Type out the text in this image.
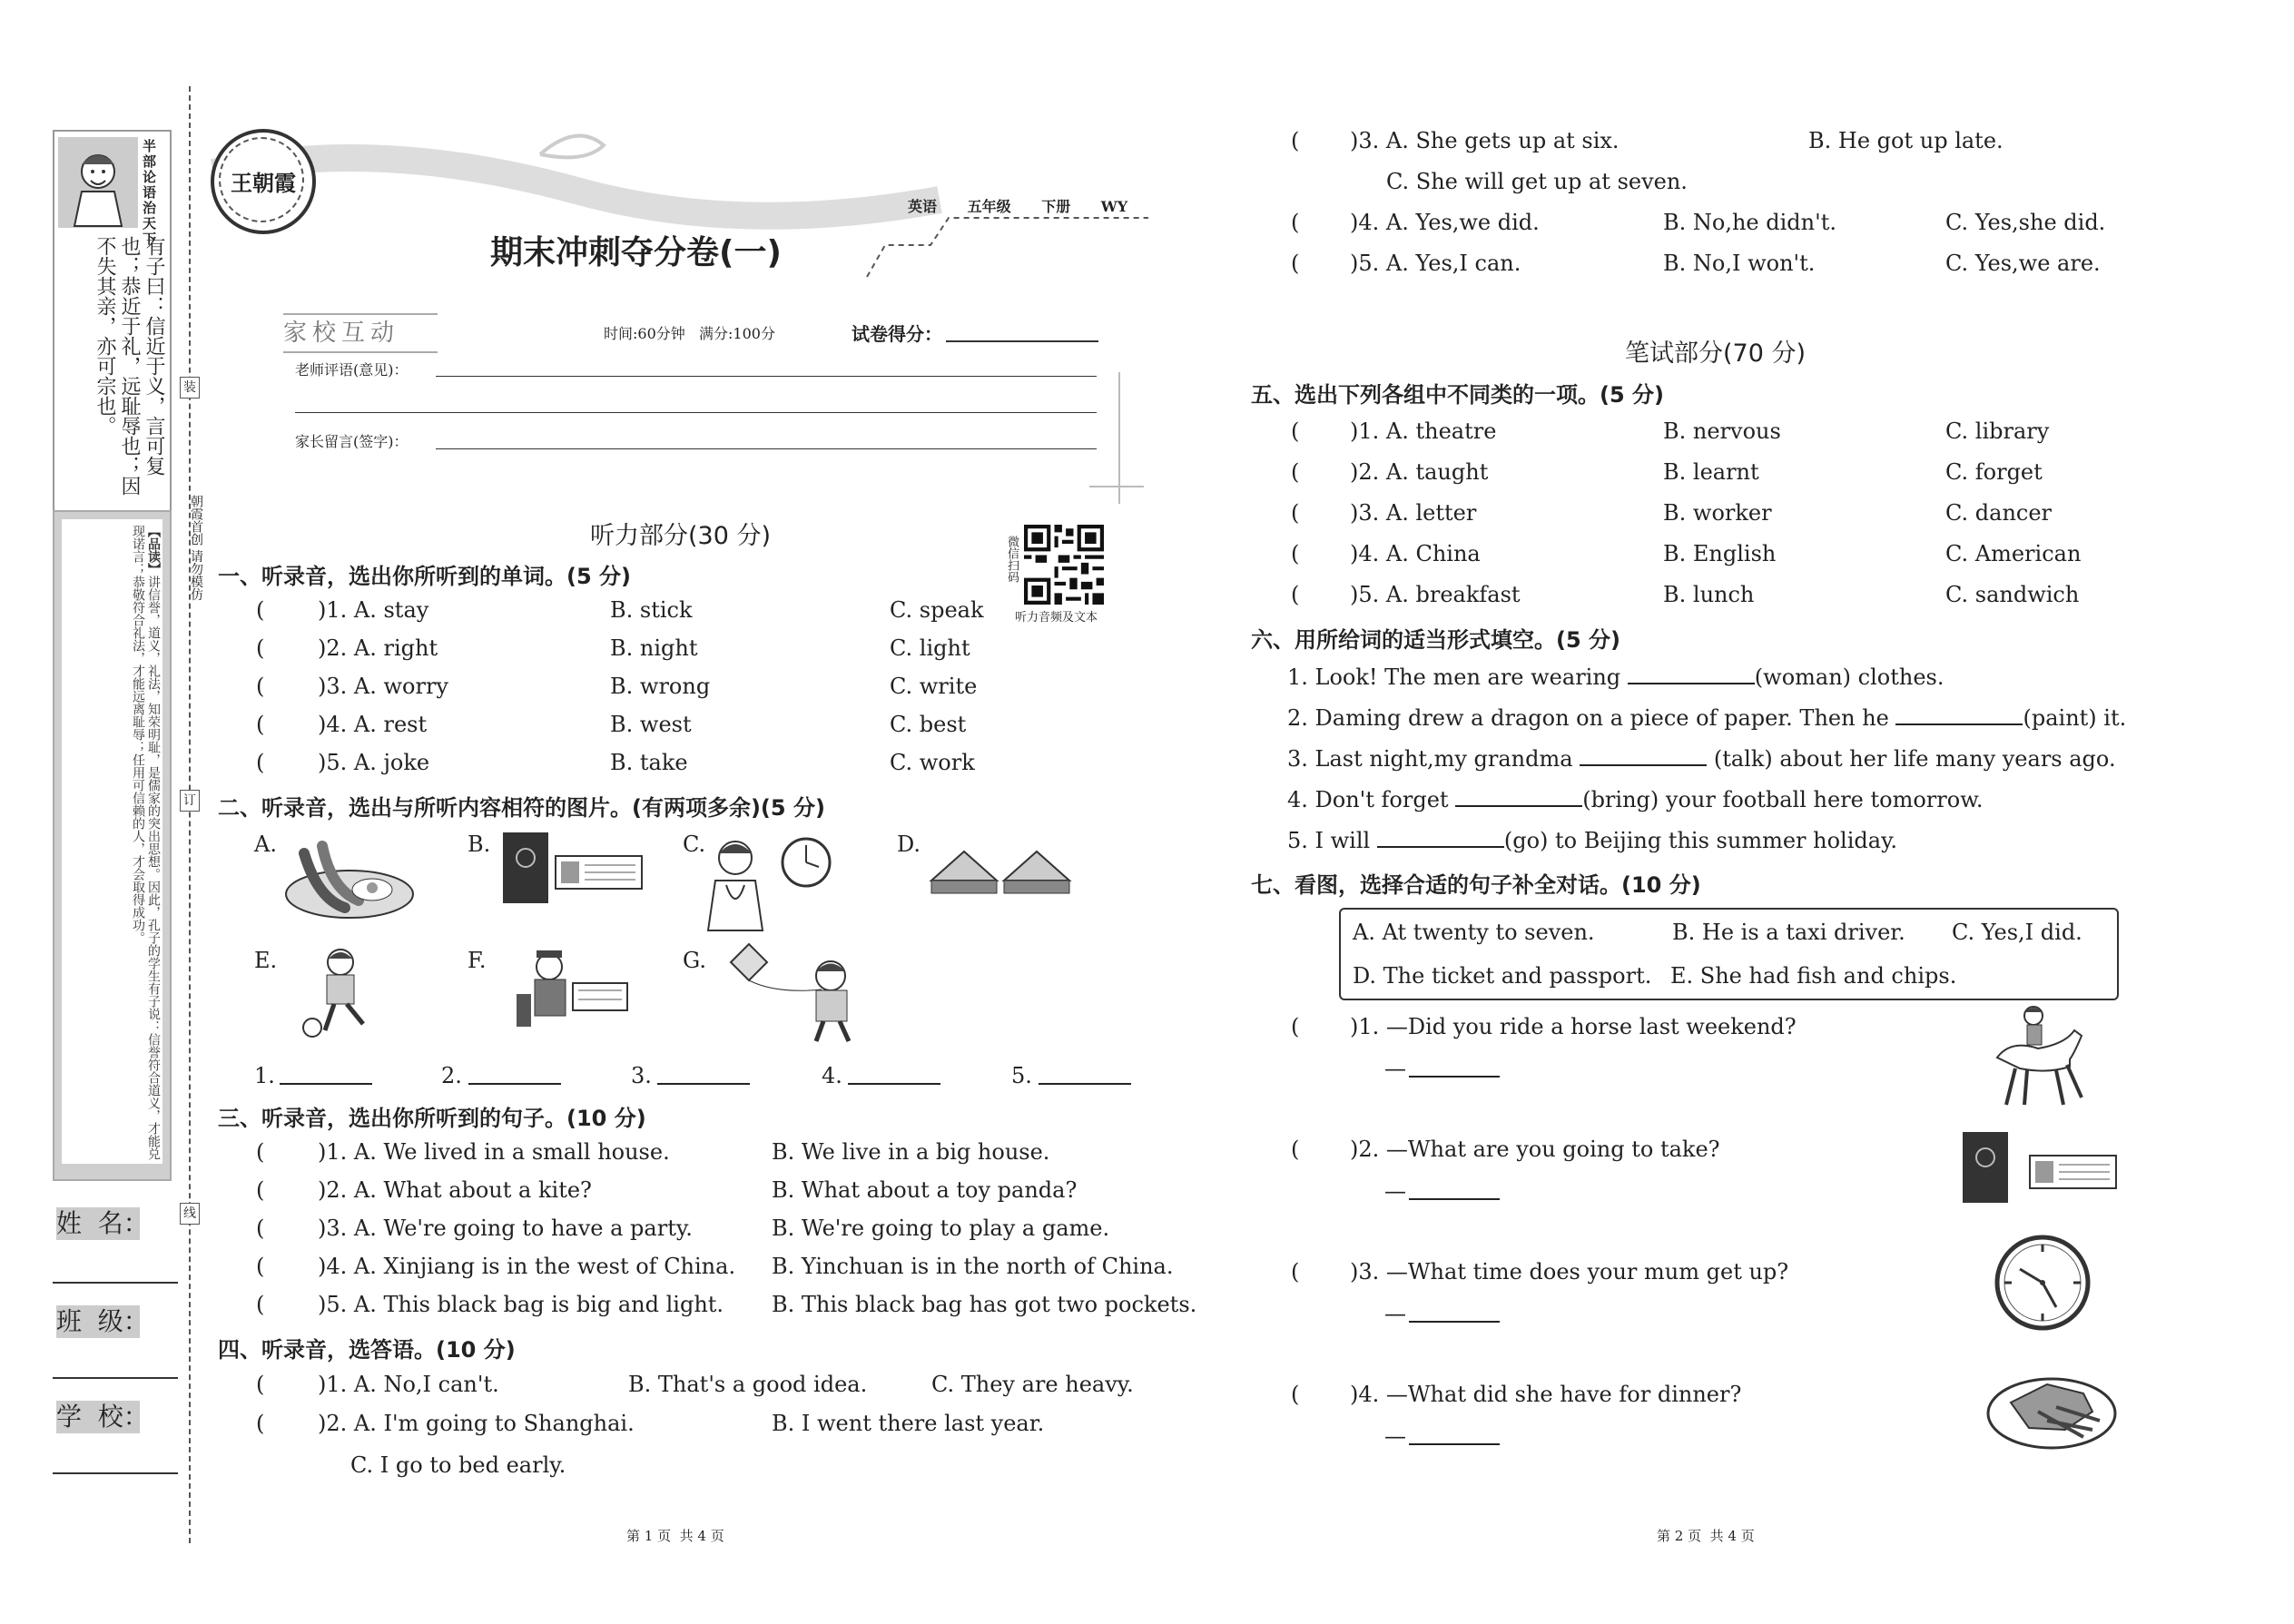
半部论语治天下
有子曰：信近于义，言可复也；恭近于礼，远耻辱也；因不失其亲，亦可宗也。
【品读】讲信誉，道义，礼法，知荣明耻，是儒家的突出思想。因此，孔子的学生有子说：信誉符合道义，才能兑现诺言；恭敬符合礼法，才能远离耻辱；任用可信赖的人，才会取得成功。	朝霞首创 请勿模仿
装
订
线
姓  名：
班  级：
学  校：
王朝霞
期末冲刺夺分卷(一)
英语 五年级 下册 WY
家校互动	时间:60分钟   满分:100分	试卷得分：
老师评语(意见)：
家长留言(签字)：
听力部分(30 分)	微信扫码
听力音频及文本
一、听录音，选出你所听到的单词。(5 分)
( )1. A. stay	B. stick	C. speak
( )2. A. right	B. night	C. light
( )3. A. worry	B. wrong	C. write
( )4. A. rest	B. west	C. best
( )5. A. joke	B. take	C. work
二、听录音，选出与所听内容相符的图片。(有两项多余)(5 分)
A.	B.	C.	D.
E.	F.	G.
1.	2.	3.	4.	5.
三、听录音，选出你所听到的句子。(10 分)
( )1. A. We lived in a small house.	B. We live in a big house.
( )2. A. What about a kite?	B. What about a toy panda?
( )3. A. We're going to have a party.	B. We're going to play a game.
( )4. A. Xinjiang is in the west of China. B. Yinchuan is in the north of China.
( )5. A. This black bag is big and light. B. This black bag has got two pockets.
四、听录音，选答语。(10 分)
( )1. A. No,I can't.	B. That's a good idea.	C. They are heavy.
( )2. A. I'm going to Shanghai.	B. I went there last year.
C. I go to bed early.
第 1 页  共 4 页
( )3. A. She gets up at six.	B. He got up late.
C. She will get up at seven.
( )4. A. Yes,we did.	B. No,he didn't.	C. Yes,she did.
( )5. A. Yes,I can.	B. No,I won't.	C. Yes,we are.
笔试部分(70 分)
五、选出下列各组中不同类的一项。(5 分)
( )1. A. theatre	B. nervous	C. library
( )2. A. taught	B. learnt	C. forget
( )3. A. letter	B. worker	C. dancer
( )4. A. China	B. English	C. American
( )5. A. breakfast	B. lunch	C. sandwich
六、用所给词的适当形式填空。(5 分)
1. Look! The men are wearing	(woman) clothes.
2. Daming drew a dragon on a piece of paper. Then he	(paint) it.
3. Last night,my grandma	(talk) about her life many years ago.
4. Don't forget	(bring) your football here tomorrow.
5. I will	(go) to Beijing this summer holiday.
七、看图，选择合适的句子补全对话。(10 分)
A. At twenty to seven.	B. He is a taxi driver. C. Yes,I did.
D. The ticket and passport. E. She had fish and chips.
( )1. —Did you ride a horse last weekend?
—
( )2. —What are you going to take?
—
( )3. —What time does your mum get up?
—
( )4. —What did she have for dinner?
—
第 2 页  共 4 页
